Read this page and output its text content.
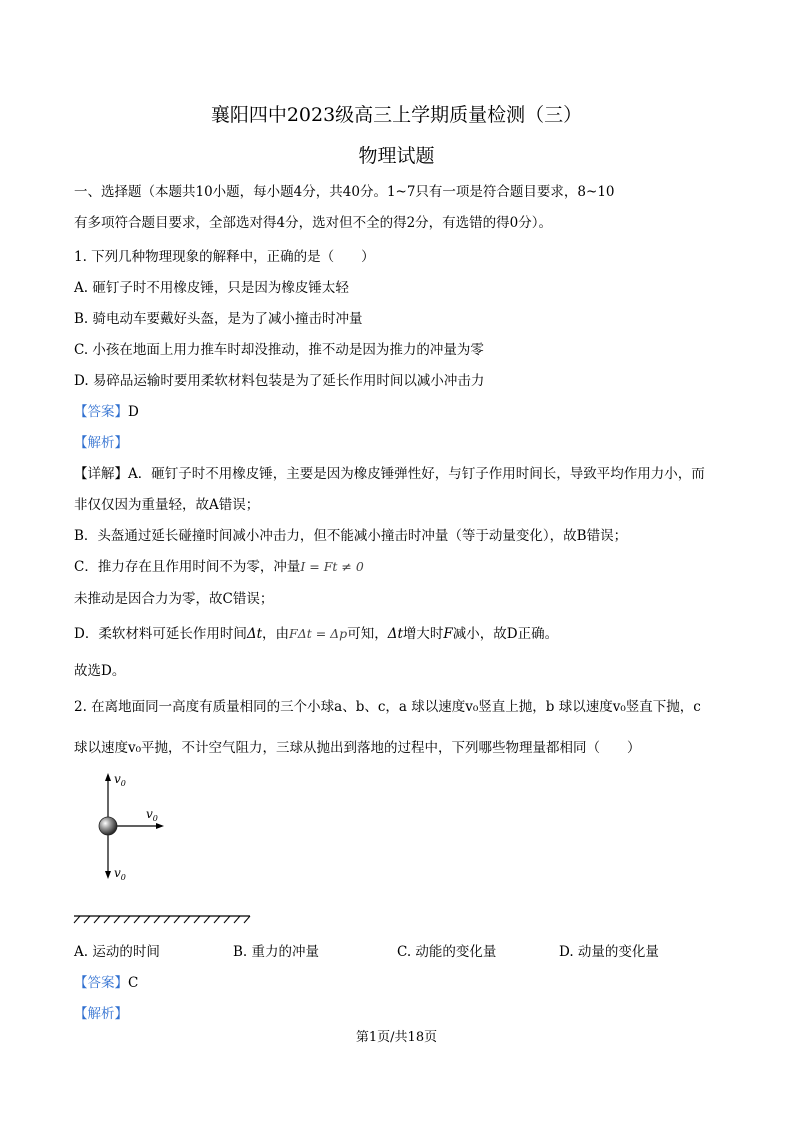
襄阳四中2023级高三上学期质量检测（三）
物理试题
一、选择题（本题共10小题，每小题4分，共40分。1~7只有一项是符合题目要求，8~10
有多项符合题目要求，全部选对得4分，选对但不全的得2分，有选错的得0分）。
1. 下列几种物理现象的解释中，正确的是（　　）
A. 砸钉子时不用橡皮锤，只是因为橡皮锤太轻
B. 骑电动车要戴好头盔，是为了减小撞击时冲量
C. 小孩在地面上用力推车时却没推动，推不动是因为推力的冲量为零
D. 易碎品运输时要用柔软材料包装是为了延长作用时间以减小冲击力
【答案】D
【解析】
【详解】A．砸钉子时不用橡皮锤，主要是因为橡皮锤弹性好，与钉子作用时间长，导致平均作用力小，而
非仅仅因为重量轻，故A错误；
B．头盔通过延长碰撞时间减小冲击力，但不能减小撞击时冲量（等于动量变化），故B错误；
C．推力存在且作用时间不为零，冲量I = Ft ≠ 0
未推动是因合力为零，故C错误；
D．柔软材料可延长作用时间Δt，由FΔt = Δp可知，Δt增大时F减小，故D正确。
故选D。
2. 在离地面同一高度有质量相同的三个小球a、b、c，a 球以速度v₀竖直上抛，b 球以速度v₀竖直下抛，c
球以速度v₀平抛，不计空气阻力，三球从抛出到落地的过程中，下列哪些物理量都相同（　　）
$v_0$
$v_0$
$v_0$
A. 运动的时间	B. 重力的冲量	C. 动能的变化量	D. 动量的变化量
【答案】C
【解析】
第1页/共18页
